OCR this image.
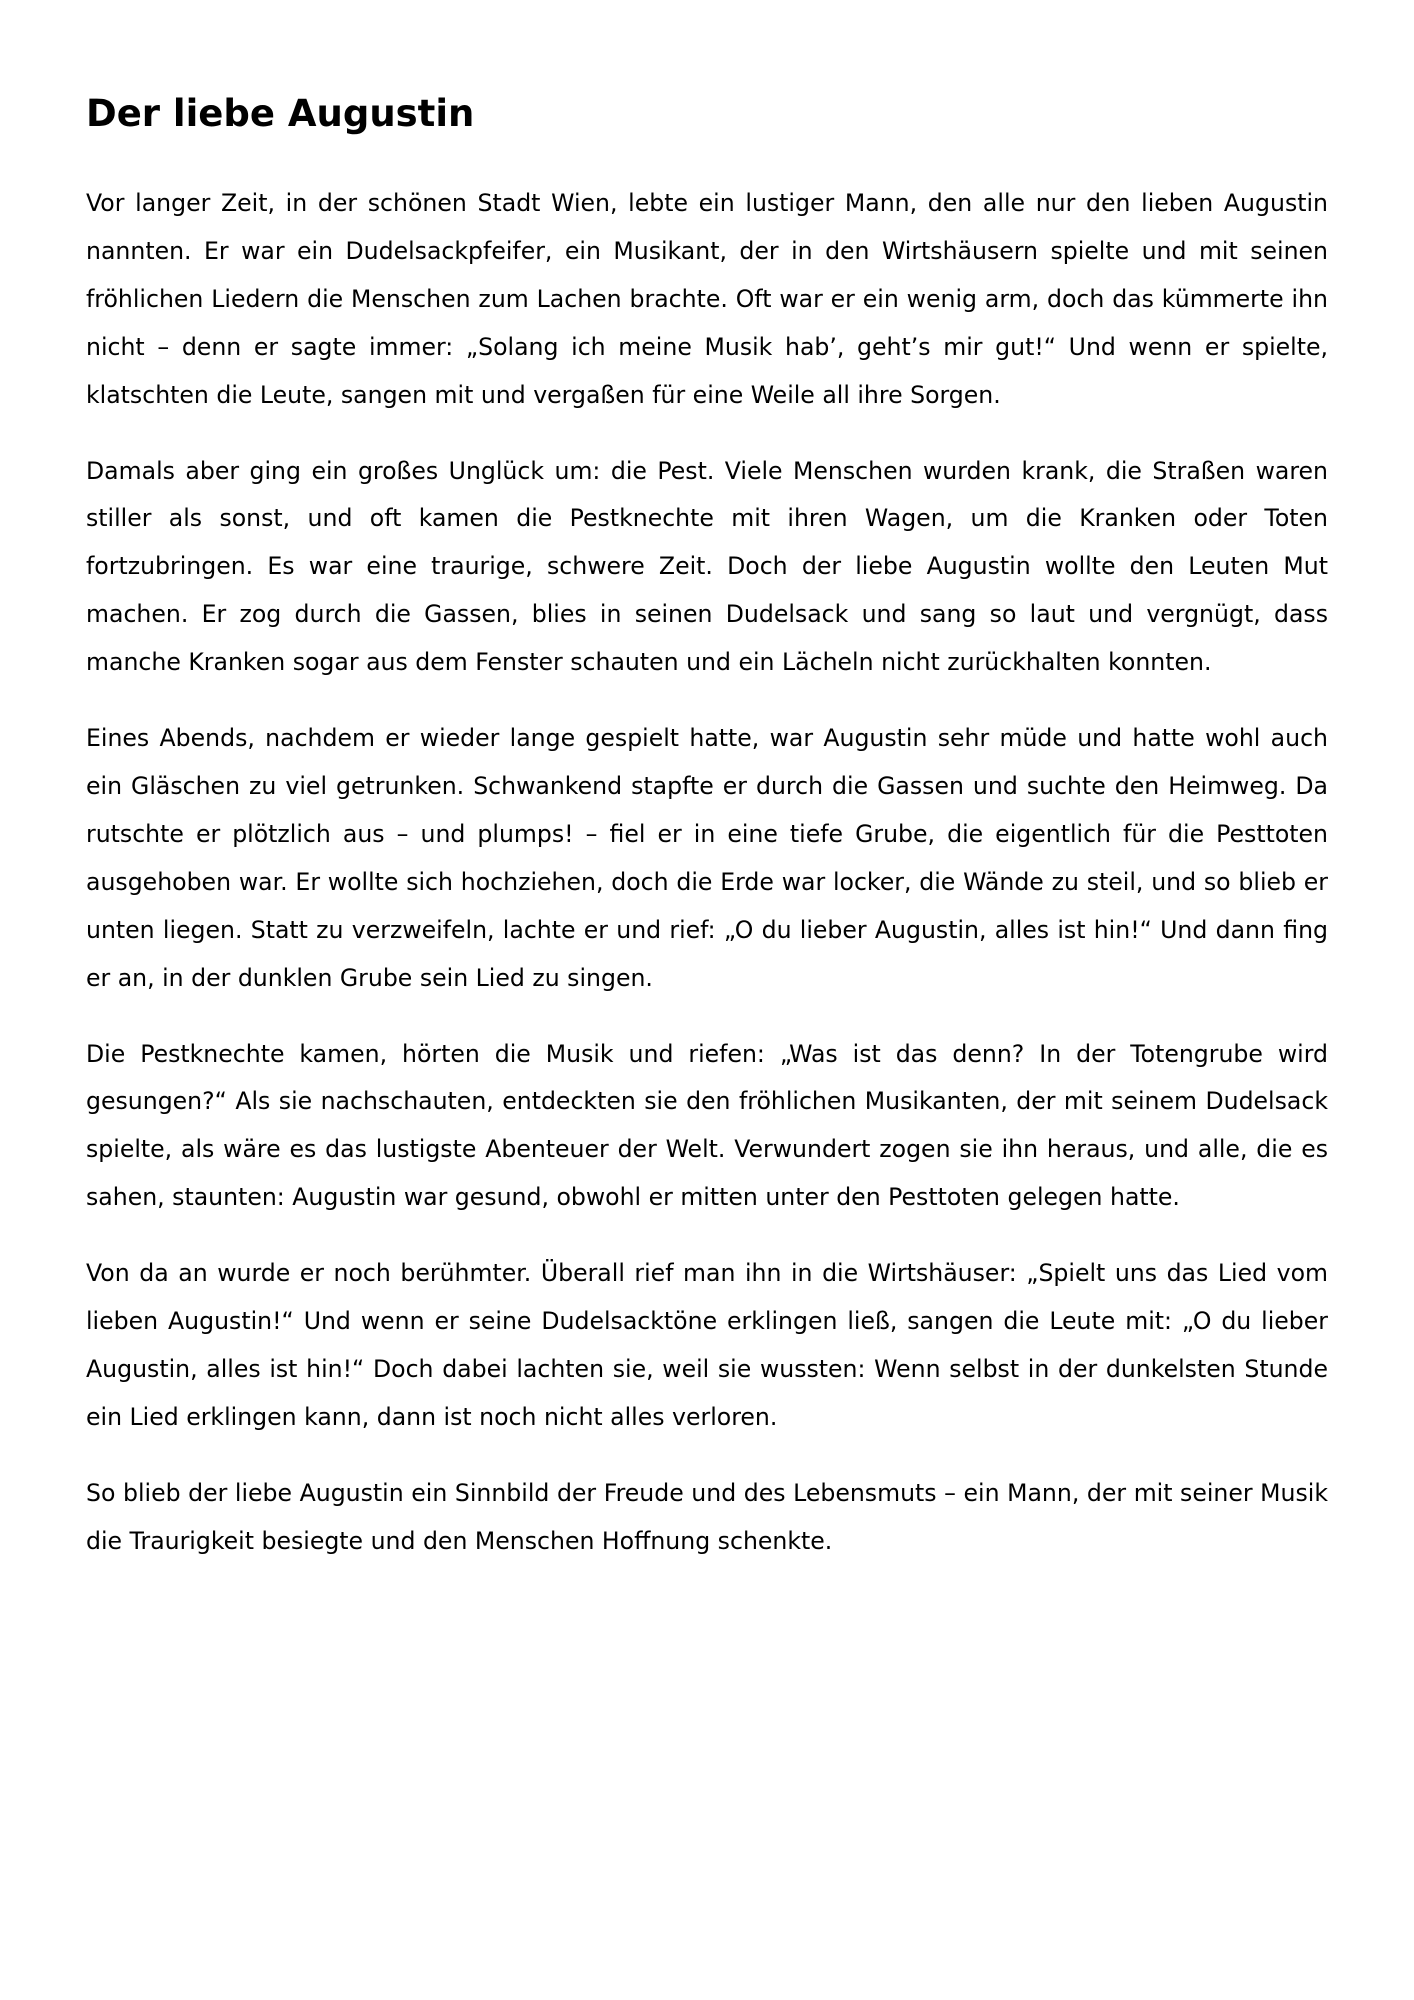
Der liebe Augustin

Vor langer Zeit, in der schönen Stadt Wien, lebte ein lustiger Mann, den alle nur den lieben Augustin nannten. Er war ein Dudelsackpfeifer, ein Musikant, der in den Wirtshäusern spielte und mit seinen fröhlichen Liedern die Menschen zum Lachen brachte. Oft war er ein wenig arm, doch das kümmerte ihn nicht – denn er sagte immer: „Solang ich meine Musik hab’, geht’s mir gut!“ Und wenn er spielte, klatschten die Leute, sangen mit und vergaßen für eine Weile all ihre Sorgen.

Damals aber ging ein großes Unglück um: die Pest. Viele Menschen wurden krank, die Straßen waren stiller als sonst, und oft kamen die Pestknechte mit ihren Wagen, um die Kranken oder Toten fortzubringen. Es war eine traurige, schwere Zeit. Doch der liebe Augustin wollte den Leuten Mut machen. Er zog durch die Gassen, blies in seinen Dudelsack und sang so laut und vergnügt, dass manche Kranken sogar aus dem Fenster schauten und ein Lächeln nicht zurückhalten konnten.

Eines Abends, nachdem er wieder lange gespielt hatte, war Augustin sehr müde und hatte wohl auch ein Gläschen zu viel getrunken. Schwankend stapfte er durch die Gassen und suchte den Heimweg. Da rutschte er plötzlich aus – und plumps! – fiel er in eine tiefe Grube, die eigentlich für die Pesttoten ausgehoben war. Er wollte sich hochziehen, doch die Erde war locker, die Wände zu steil, und so blieb er unten liegen. Statt zu verzweifeln, lachte er und rief: „O du lieber Augustin, alles ist hin!“ Und dann fing er an, in der dunklen Grube sein Lied zu singen.

Die Pestknechte kamen, hörten die Musik und riefen: „Was ist das denn? In der Totengrube wird gesungen?“ Als sie nachschauten, entdeckten sie den fröhlichen Musikanten, der mit seinem Dudelsack spielte, als wäre es das lustigste Abenteuer der Welt. Verwundert zogen sie ihn heraus, und alle, die es sahen, staunten: Augustin war gesund, obwohl er mitten unter den Pesttoten gelegen hatte.

Von da an wurde er noch berühmter. Überall rief man ihn in die Wirtshäuser: „Spielt uns das Lied vom lieben Augustin!“ Und wenn er seine Dudelsacktöne erklingen ließ, sangen die Leute mit: „O du lieber Augustin, alles ist hin!“ Doch dabei lachten sie, weil sie wussten: Wenn selbst in der dunkelsten Stunde ein Lied erklingen kann, dann ist noch nicht alles verloren.

So blieb der liebe Augustin ein Sinnbild der Freude und des Lebensmuts – ein Mann, der mit seiner Musik die Traurigkeit besiegte und den Menschen Hoffnung schenkte.
